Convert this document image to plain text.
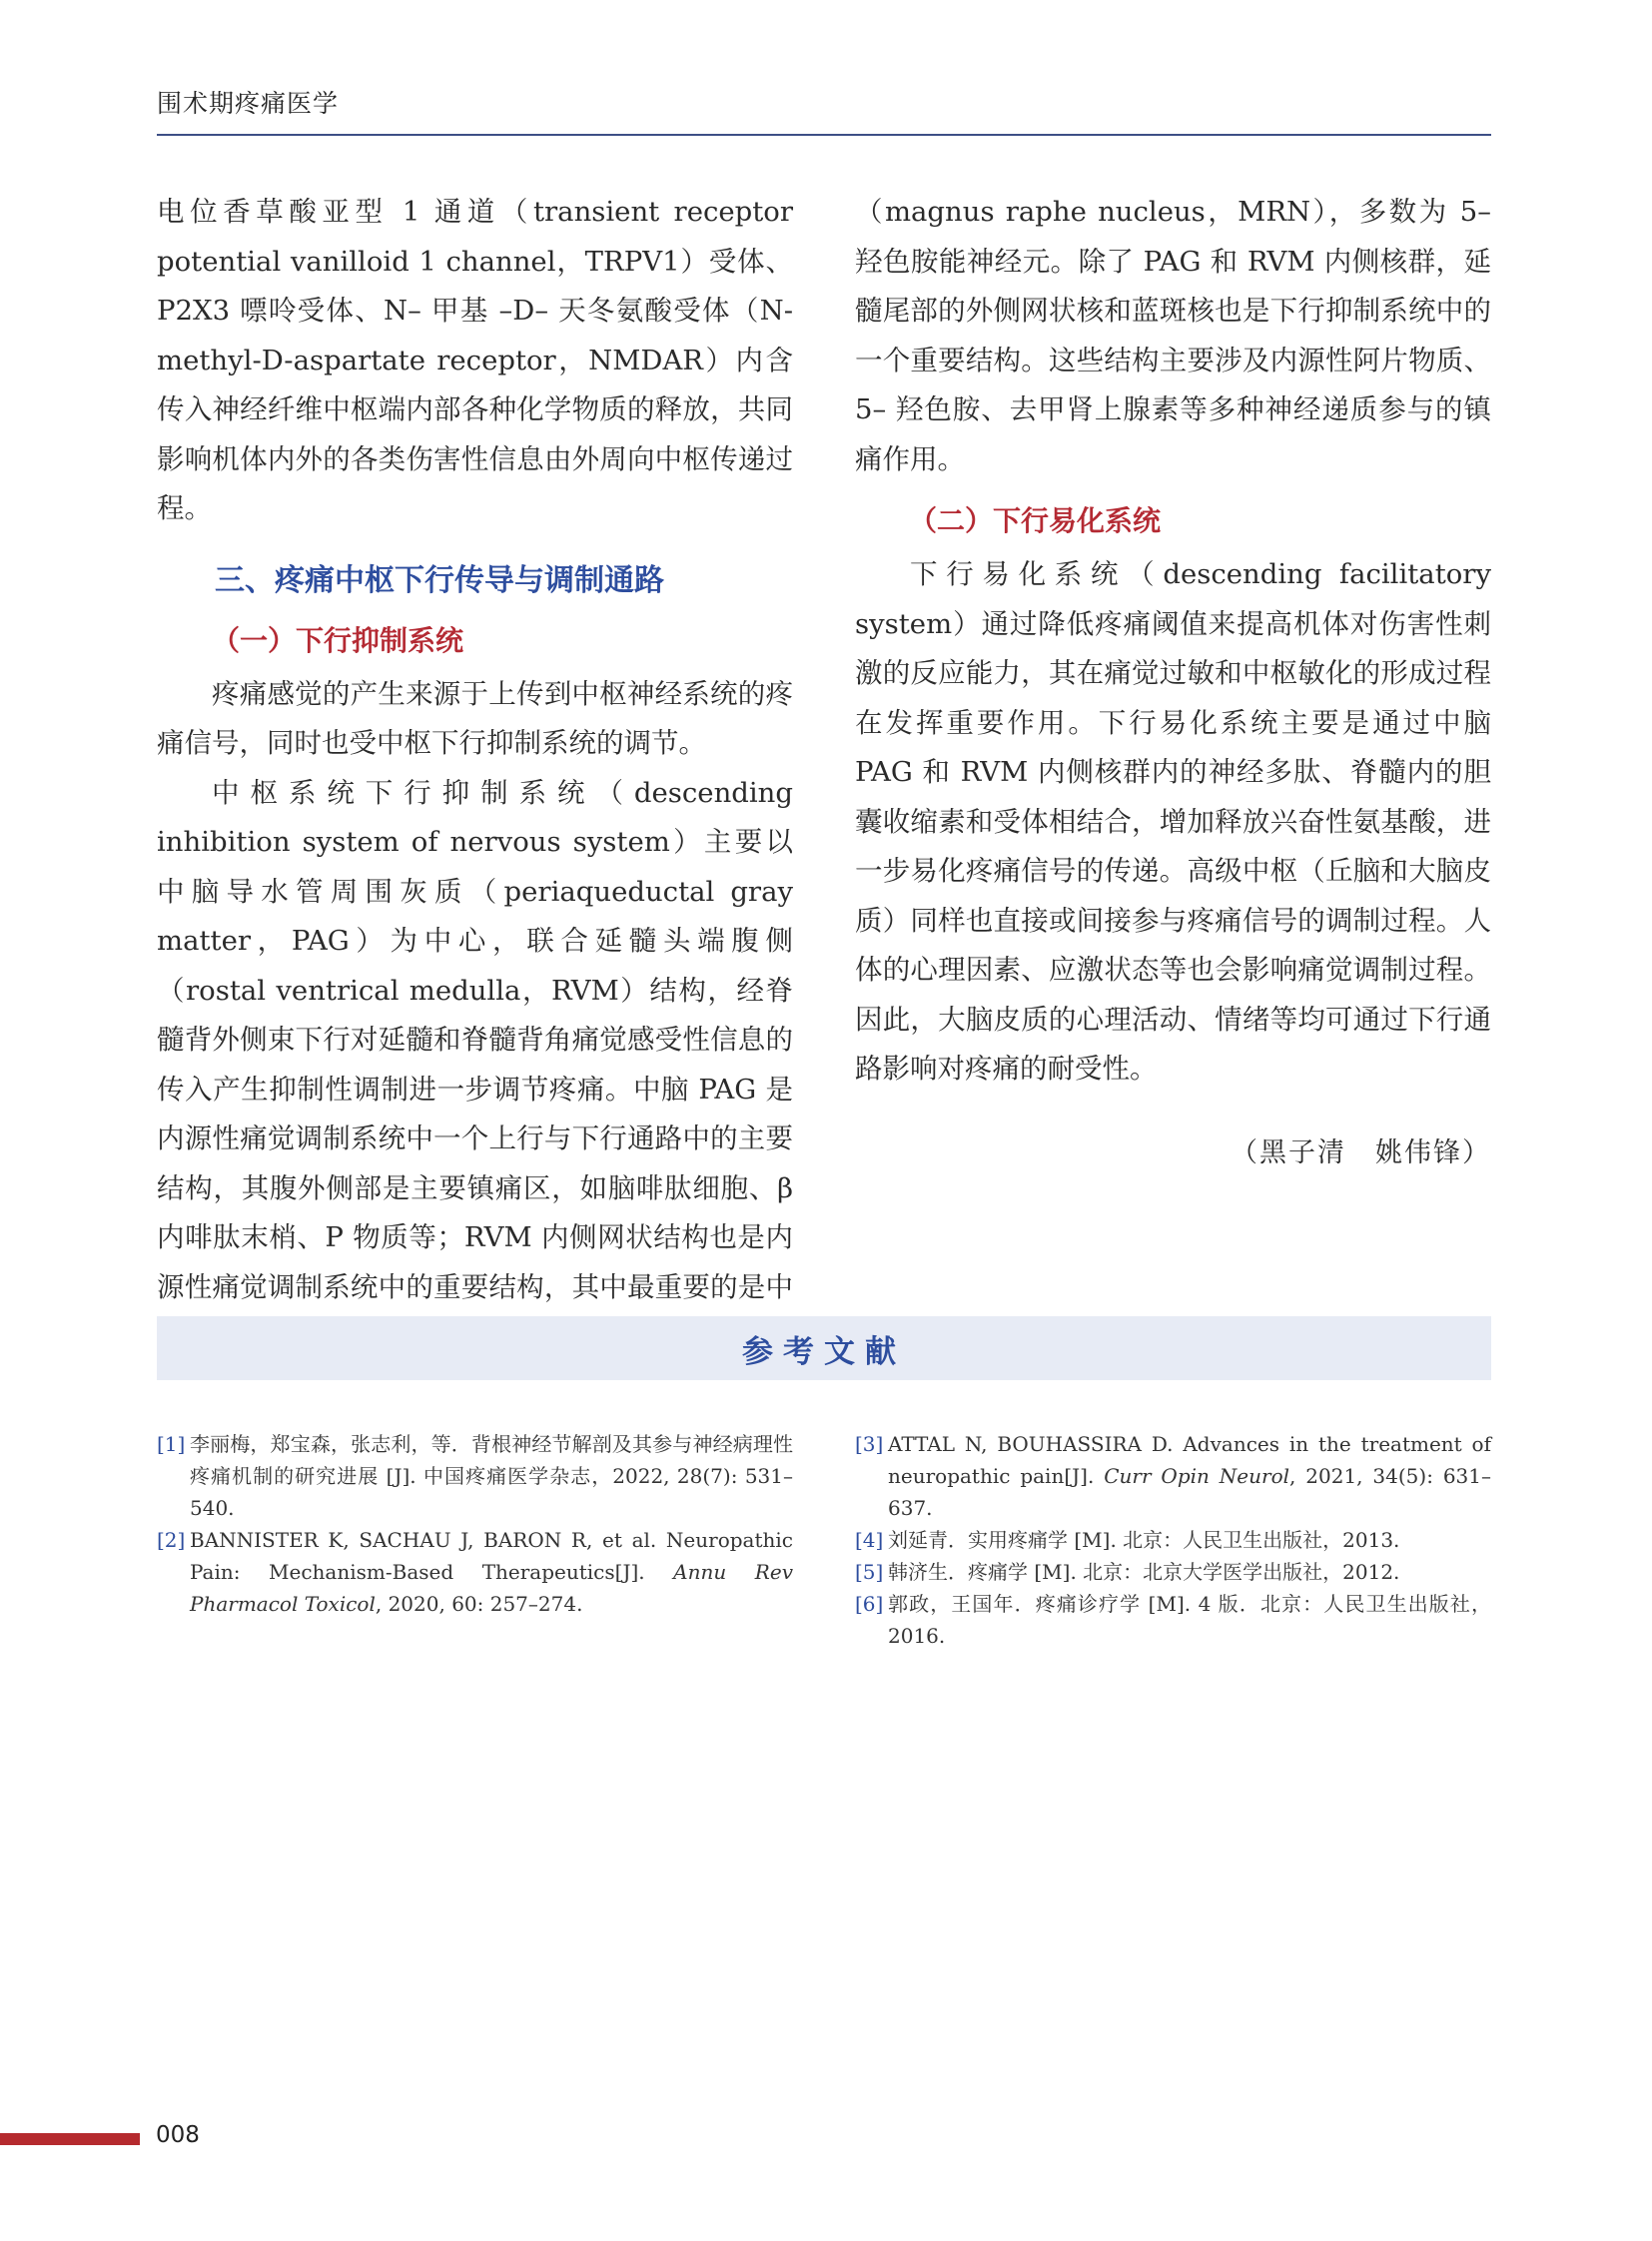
围术期疼痛医学

电位香草酸亚型 1 通道（transient receptor potential vanilloid 1 channel，TRPV1）受体、P2X3 嘌呤受体、N– 甲基 –D– 天冬氨酸受体（N-methyl-D-aspartate receptor，NMDAR）内含传入神经纤维中枢端内部各种化学物质的释放，共同影响机体内外的各类伤害性信息由外周向中枢传递过程。

三、疼痛中枢下行传导与调制通路
（一）下行抑制系统

疼痛感觉的产生来源于上传到中枢神经系统的疼痛信号，同时也受中枢下行抑制系统的调节。

中枢系统下行抑制系统（descending inhibition system of nervous system）主要以中脑导水管周围灰质（periaqueductal gray matter，PAG）为中心，联合延髓头端腹侧（rostal ventrical medulla，RVM）结构，经脊髓背外侧束下行对延髓和脊髓背角痛觉感受性信息的传入产生抑制性调制进一步调节疼痛。中脑 PAG 是内源性痛觉调制系统中一个上行与下行通路中的主要结构，其腹外侧部是主要镇痛区，如脑啡肽细胞、β 内啡肽末梢、P 物质等；RVM 内侧网状结构也是内源性痛觉调制系统中的重要结构，其中最重要的是中

（magnus raphe nucleus，MRN），多数为 5– 羟色胺能神经元。除了 PAG 和 RVM 内侧核群，延髓尾部的外侧网状核和蓝斑核也是下行抑制系统中的一个重要结构。这些结构主要涉及内源性阿片物质、5– 羟色胺、去甲肾上腺素等多种神经递质参与的镇痛作用。

（二）下行易化系统

下行易化系统（descending facilitatory system）通过降低疼痛阈值来提高机体对伤害性刺激的反应能力，其在痛觉过敏和中枢敏化的形成过程在发挥重要作用。下行易化系统主要是通过中脑 PAG 和 RVM 内侧核群内的神经多肽、脊髓内的胆囊收缩素和受体相结合，增加释放兴奋性氨基酸，进一步易化疼痛信号的传递。高级中枢（丘脑和大脑皮质）同样也直接或间接参与疼痛信号的调制过程。人体的心理因素、应激状态等也会影响痛觉调制过程。因此，大脑皮质的心理活动、情绪等均可通过下行通路影响对疼痛的耐受性。

（黑子清　姚伟锋）
参考文献
[1] 李丽梅，郑宝森，张志利，等．背根神经节解剖及其参与神经病理性疼痛机制的研究进展 [J]. 中国疼痛医学杂志，2022, 28(7): 531–540.
[2] BANNISTER K, SACHAU J, BARON R, et al. Neuropathic Pain: Mechanism-Based Therapeutics[J]. Annu Rev Pharmacol Toxicol, 2020, 60: 257–274.
[3] ATTAL N, BOUHASSIRA D. Advances in the treatment of neuropathic pain[J]. Curr Opin Neurol, 2021, 34(5): 631–637.
[4] 刘延青．实用疼痛学 [M]. 北京：人民卫生出版社，2013.
[5] 韩济生．疼痛学 [M]. 北京：北京大学医学出版社，2012.
[6] 郭政，王国年．疼痛诊疗学 [M]. 4 版．北京：人民卫生出版社，2016.
008
